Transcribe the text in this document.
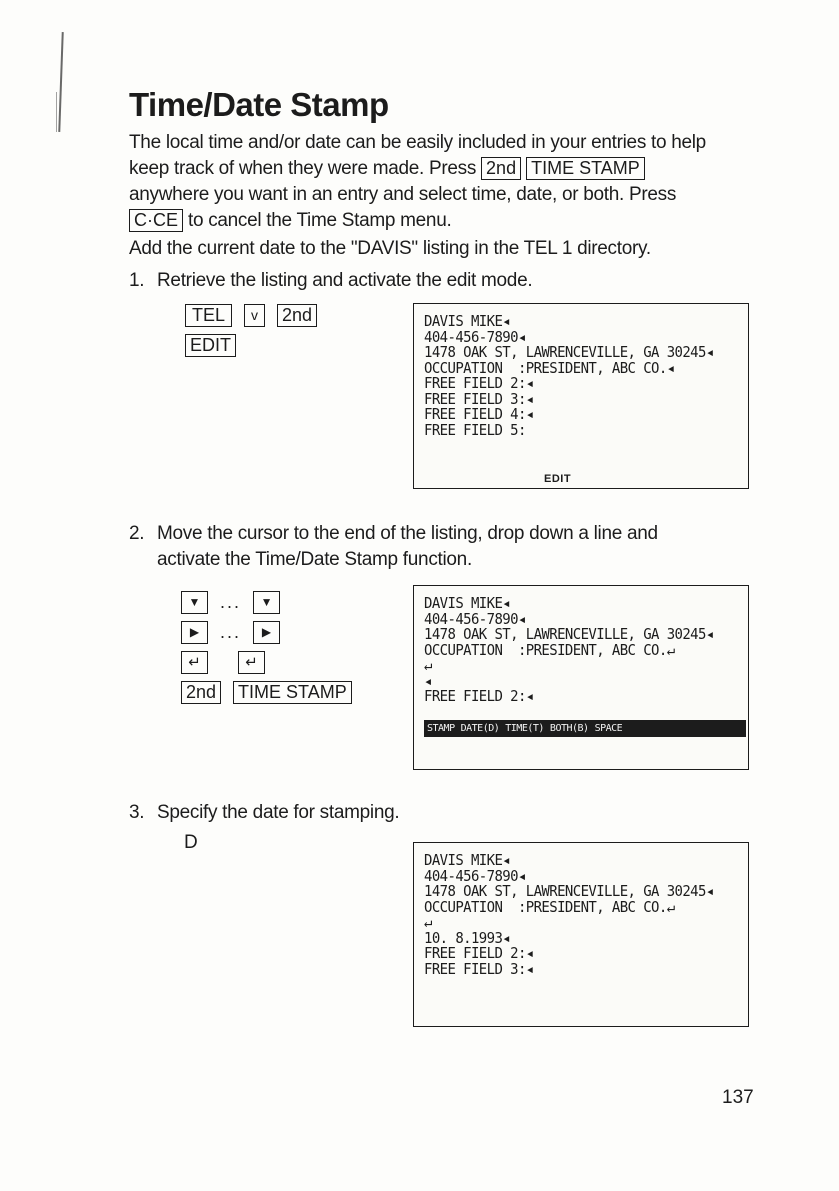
Time/Date Stamp
The local time and/or date can be easily included in your entries to help
keep track of when they were made. Press 2nd TIME STAMP
anywhere you want in an entry and select time, date, or both. Press
C·CE to cancel the Time Stamp menu.
Add the current date to the "DAVIS" listing in the TEL 1 directory.
1. Retrieve the listing and activate the edit mode.
TEL	v	2nd
EDIT
DAVIS MIKE◂
404-456-7890◂
1478 OAK ST, LAWRENCEVILLE, GA 30245◂
OCCUPATION  :PRESIDENT, ABC CO.◂
FREE FIELD 2:◂
FREE FIELD 3:◂
FREE FIELD 4:◂
FREE FIELD 5:
EDIT
2. Move the cursor to the end of the listing, drop down a line and
activate the Time/Date Stamp function.
▼	...	▼
▶	...	▶
↵	↵
2nd TIME STAMP
DAVIS MIKE◂
404-456-7890◂
1478 OAK ST, LAWRENCEVILLE, GA 30245◂
OCCUPATION  :PRESIDENT, ABC CO.↵
↵
◂
FREE FIELD 2:◂
STAMP DATE(D) TIME(T) BOTH(B) SPACE
3. Specify the date for stamping.
D
DAVIS MIKE◂
404-456-7890◂
1478 OAK ST, LAWRENCEVILLE, GA 30245◂
OCCUPATION  :PRESIDENT, ABC CO.↵
↵
10. 8.1993◂
FREE FIELD 2:◂
FREE FIELD 3:◂
137
